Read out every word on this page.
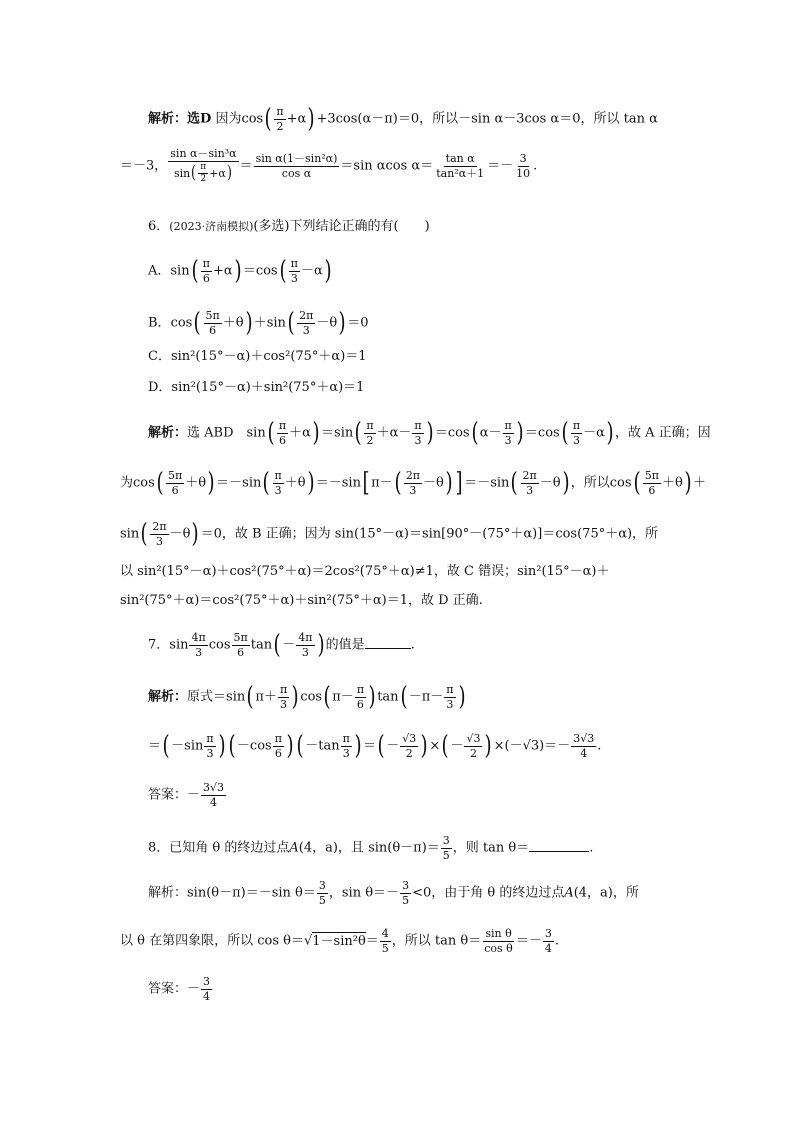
解析：选D 因为$\cos( \frac{\pi}{2} +\alpha) +3\cos(\alpha-\pi)=0$，所以－sin α－3cos α＝0，所以 tan α
＝－3， $\frac{\text{sin α－sin³α}}{\sin( \frac{\pi}{2} +\alpha)} = \frac{\text{sin α(1－sin²α)}}{\text{cos α}} =\sin$ αcos $\alpha= \frac{\text{tan α}}{\text{tan²α＋1}} =- \frac{3}{10}$ .
6．(2023·济南模拟)(多选)下列结论正确的有(　　)
A．$\sin( \frac{\pi}{6} +\alpha) =\cos( \frac{\pi}{3} -\alpha)$
B．$\cos( \frac{5\pi}{6} +\theta) +\sin( \frac{2\pi}{3} -\theta) =0$
C．sin²(15°－α)＋cos²(75°＋α)＝1
D．sin²(15°－α)＋sin²(75°＋α)＝1
解析：选 ABD　$\sin( \frac{\pi}{6} +\alpha) =\sin( \frac{\pi}{2} +\alpha- \frac{\pi}{3}$ ) ＝cos( $\alpha- \frac{\pi}{3}$ ) $=\cos( \frac{\pi}{3} -\alpha)$ ，故 A 正确；因
为$\cos( \frac{5\pi}{6} +\theta) =-\sin( \frac{\pi}{3} +\theta) =-\sin$[ $\pi-( \frac{2\pi}{3} -\theta)$ ] $=-\sin( \frac{2\pi}{3} -\theta)$ ，所以$\cos( \frac{5\pi}{6} +\theta)$ ＋
$\sin( \frac{2\pi}{3} -\theta) =0$，故 B 正确；因为 sin(15°－α)＝sin[90°－(75°＋α)]＝cos(75°＋α)，所
以 sin²(15°－α)＋cos²(75°＋α)＝2cos²(75°＋α)≠1，故 C 错误；sin²(15°－α)＋
sin²(75°＋α)＝cos²(75°＋α)＋sin²(75°＋α)＝1，故 D 正确.
7．$\sin \frac{4\pi}{3}$ $\cos \frac{5\pi}{6} \tan( - \frac{4\pi}{3}$ ) 的值是	.
解析：原式＝sin( $\pi+ \frac{\pi}{3}$ ) cos( $\pi- \frac{\pi}{6}$ ) $\tan( -\pi- \frac{\pi}{3}$ )
＝( $-\sin \frac{\pi}{3}$ ) ( $-\cos \frac{\pi}{6}$ ) ( $-\tan \frac{\pi}{3}$ ) ＝( － $\frac{√3}{2}$ ) ×( － $\frac{√3}{2}$ ) $\times(-√3)=- \frac{3√3}{4}$ .
答案：－ $\frac{3√3}{4}$
8．已知角 θ 的终边过点A(4，a)，且 $\sin(\theta-\pi)= \frac{3}{5}$ ，则 tan θ＝	.
解析：sin(θ－π)＝－sin $\theta= \frac{3}{5}$ ，$\sin \theta=- \frac{3}{5} <0$，由于角 θ 的终边过点A(4，a)，所
以 θ 在第四象限，所以 $\cos \theta=√1-\sin^2\theta= \frac{4}{5}$ ，所以 $\tan \theta= \frac{\text{sin θ}}{\text{cos θ}} =- \frac{3}{4}$ .
答案：－ $\frac{3}{4}$
